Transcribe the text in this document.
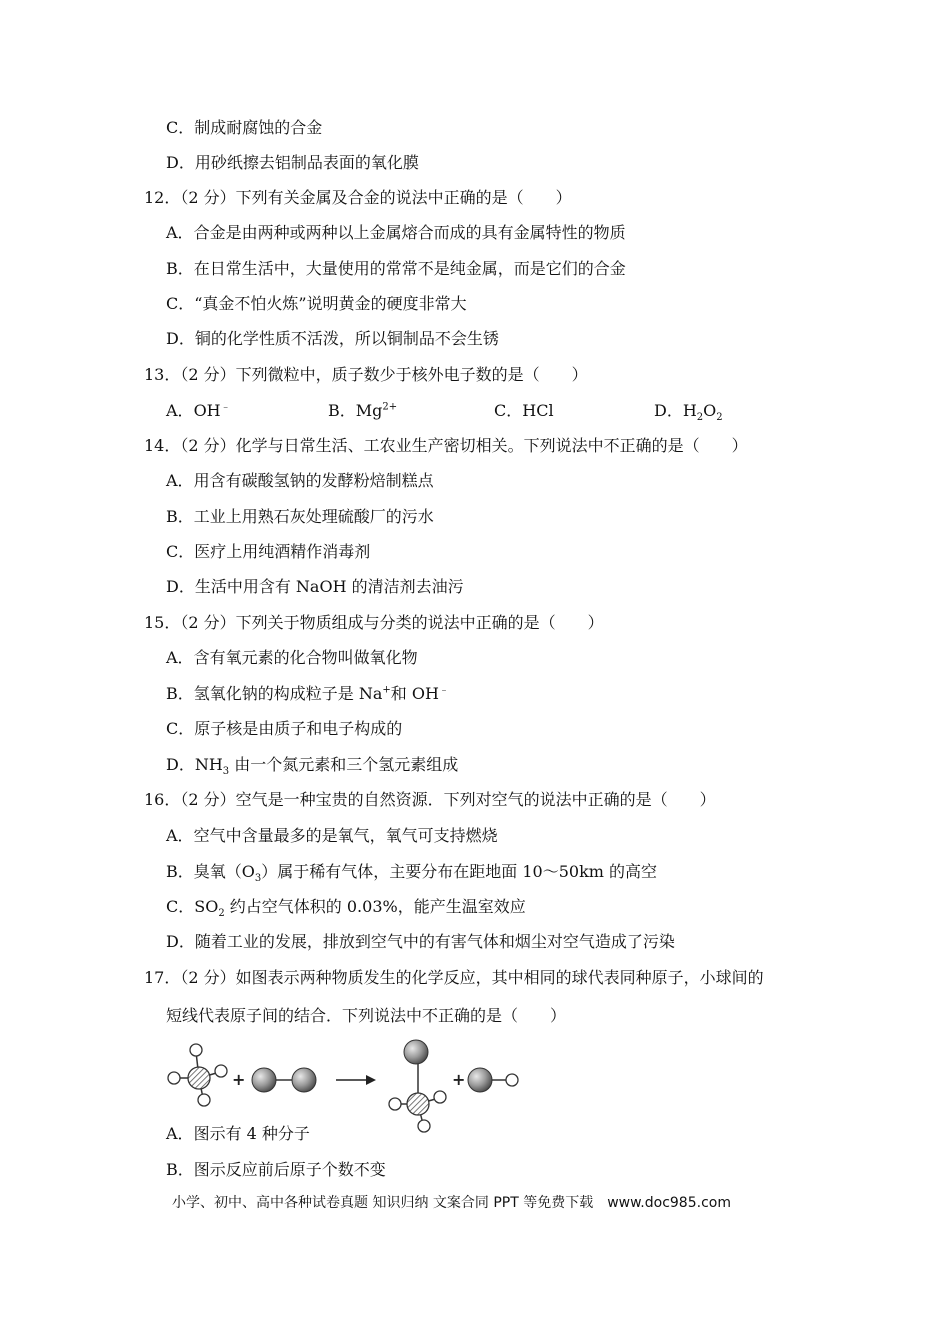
C．制成耐腐蚀的合金
D．用砂纸擦去铝制品表面的氧化膜
12．（2 分）下列有关金属及合金的说法中正确的是（　　）
A．合金是由两种或两种以上金属熔合而成的具有金属特性的物质
B．在日常生活中，大量使用的常常不是纯金属，而是它们的合金
C．“真金不怕火炼”说明黄金的硬度非常大
D．铜的化学性质不活泼，所以铜制品不会生锈
13．（2 分）下列微粒中，质子数少于核外电子数的是（　　）
A．OH﹣	B．$Mg^{2+}$	C．HCl	D．$H_2O_2$
14．（2 分）化学与日常生活、工农业生产密切相关。下列说法中不正确的是（　　）
A．用含有碳酸氢钠的发酵粉焙制糕点
B．工业上用熟石灰处理硫酸厂的污水
C．医疗上用纯酒精作消毒剂
D．生活中用含有 NaOH 的清洁剂去油污
15．（2 分）下列关于物质组成与分类的说法中正确的是（　　）
A．含有氧元素的化合物叫做氧化物
B．氢氧化钠的构成粒子是 Na+和 OH﹣
C．原子核是由质子和电子构成的
D．$NH_3$ 由一个氮元素和三个氢元素组成
16．（2 分）空气是一种宝贵的自然资源．下列对空气的说法中正确的是（　　）
A．空气中含量最多的是氧气，氧气可支持燃烧
B．臭氧$(O_3)$属于稀有气体，主要分布在距地面 10～50km 的高空
C．$SO_2$ 约占空气体积的 0.03%，能产生温室效应
D．随着工业的发展，排放到空气中的有害气体和烟尘对空气造成了污染
17．（2 分）如图表示两种物质发生的化学反应，其中相同的球代表同种原子，小球间的
短线代表原子间的结合．下列说法中不正确的是（　　）
+	+
A．图示有 4 种分子
B．图示反应前后原子个数不变
小学、初中、高中各种试卷真题 知识归纳 文案合同 PPT 等免费下载　www.doc985.com
